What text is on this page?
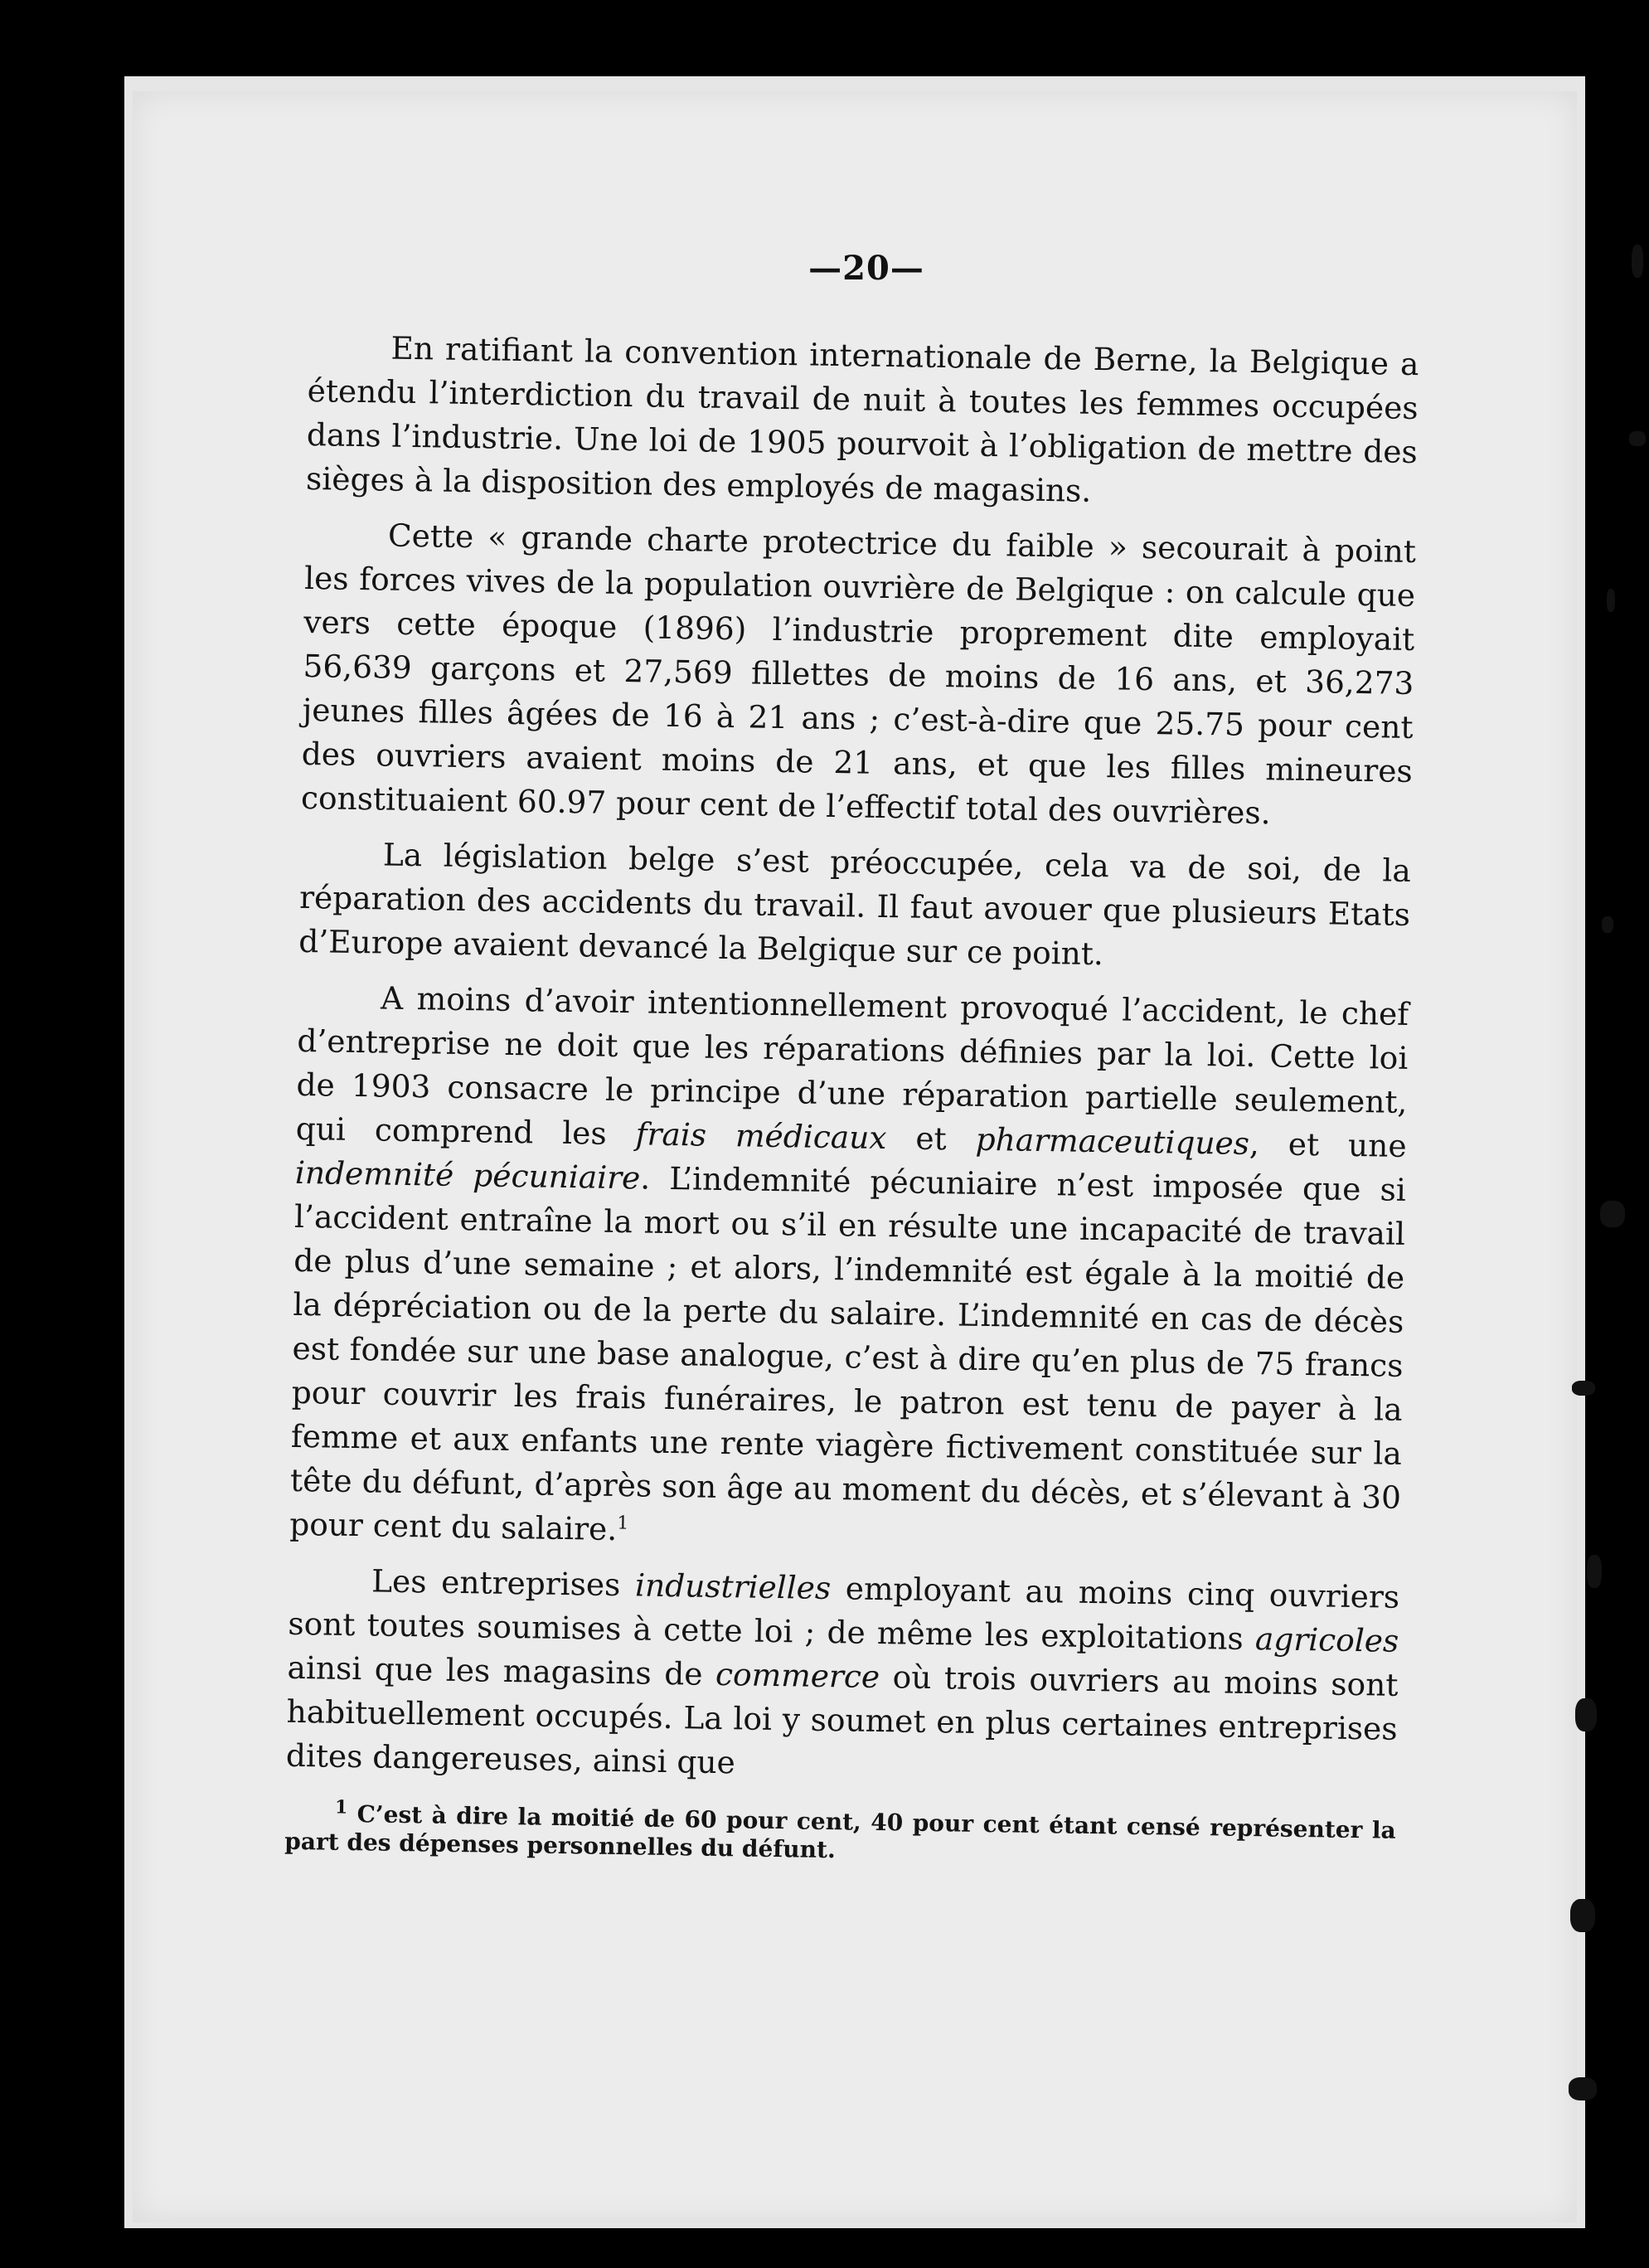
—20—

En ratifiant la convention internationale de Berne, la Belgique a étendu l’interdiction du travail de nuit à toutes les femmes occupées dans l’industrie. Une loi de 1905 pourvoit à l’obligation de mettre des sièges à la disposition des employés de magasins.

Cette « grande charte protectrice du faible » secourait à point les forces vives de la population ouvrière de Belgique : on calcule que vers cette époque (1896) l’industrie proprement dite employait 56,639 garçons et 27,569 fillettes de moins de 16 ans, et 36,273 jeunes filles âgées de 16 à 21 ans ; c’est-à-dire que 25.75 pour cent des ouvriers avaient moins de 21 ans, et que les filles mineures constituaient 60.97 pour cent de l’effectif total des ouvrières.

La législation belge s’est préoccupée, cela va de soi, de la réparation des accidents du travail. Il faut avouer que plusieurs Etats d’Europe avaient devancé la Belgique sur ce point.

A moins d’avoir intentionnellement provoqué l’accident, le chef d’entreprise ne doit que les réparations définies par la loi. Cette loi de 1903 consacre le principe d’une réparation partielle seulement, qui comprend les frais médicaux et pharmaceutiques, et une indemnité pécuniaire. L’indemnité pécuniaire n’est imposée que si l’accident entraîne la mort ou s’il en résulte une incapacité de travail de plus d’une semaine ; et alors, l’indemnité est égale à la moitié de la dépréciation ou de la perte du salaire. L’indemnité en cas de décès est fondée sur une base analogue, c’est à dire qu’en plus de 75 francs pour couvrir les frais funéraires, le patron est tenu de payer à la femme et aux enfants une rente viagère fictivement constituée sur la tête du défunt, d’après son âge au moment du décès, et s’élevant à 30 pour cent du salaire.$^1$

Les entreprises industrielles employant au moins cinq ouvriers sont toutes soumises à cette loi ; de même les exploitations agricoles ainsi que les magasins de commerce où trois ouvriers au moins sont habituellement occupés. La loi y soumet en plus certaines entreprises dites dangereuses, ainsi que

$^1$ C’est à dire la moitié de 60 pour cent, 40 pour cent étant censé représenter la part des dépenses personnelles du défunt.
